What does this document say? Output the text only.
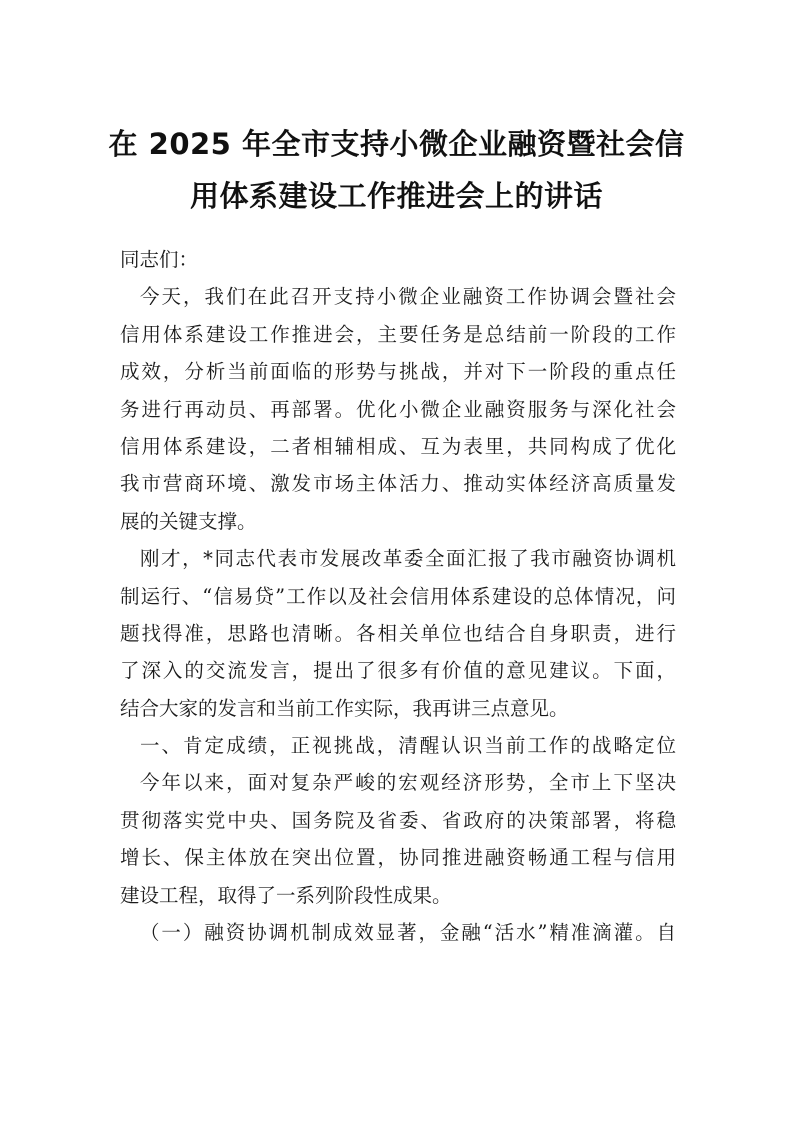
在 2025 年全市支持小微企业融资暨社会信
用体系建设工作推进会上的讲话
同志们：
今天，我们在此召开支持小微企业融资工作协调会暨社会
信用体系建设工作推进会，主要任务是总结前一阶段的工作
成效，分析当前面临的形势与挑战，并对下一阶段的重点任
务进行再动员、再部署。优化小微企业融资服务与深化社会
信用体系建设，二者相辅相成、互为表里，共同构成了优化
我市营商环境、激发市场主体活力、推动实体经济高质量发
展的关键支撑。
刚才，*同志代表市发展改革委全面汇报了我市融资协调机
制运行、“信易贷”工作以及社会信用体系建设的总体情况，问
题找得准，思路也清晰。各相关单位也结合自身职责，进行
了深入的交流发言，提出了很多有价值的意见建议。下面，
结合大家的发言和当前工作实际，我再讲三点意见。
一、肯定成绩，正视挑战，清醒认识当前工作的战略定位
今年以来，面对复杂严峻的宏观经济形势，全市上下坚决
贯彻落实党中央、国务院及省委、省政府的决策部署，将稳
增长、保主体放在突出位置，协同推进融资畅通工程与信用
建设工程，取得了一系列阶段性成果。
（一）融资协调机制成效显著，金融“活水”精准滴灌。自
